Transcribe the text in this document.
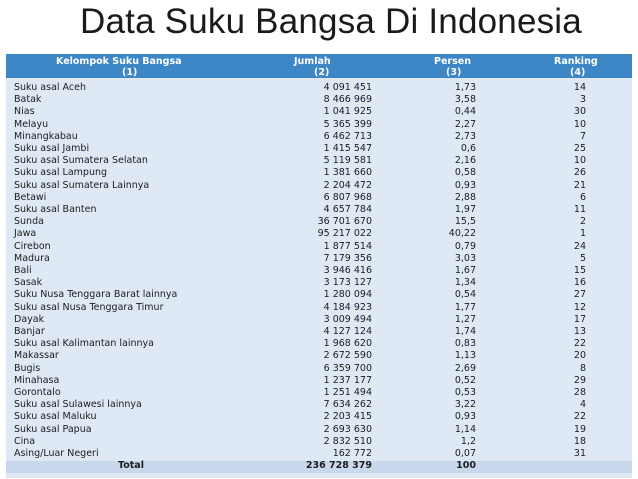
Data Suku Bangsa Di Indonesia
Kelompok Suku Bangsa	Jumlah	Persen	Ranking
(1)	(2)	(3)	(4)
Suku asal Aceh	4 091 451	1,73	14
Batak	8 466 969	3,58	3
Nias	1 041 925	0,44	30
Melayu	5 365 399	2,27	10
Minangkabau	6 462 713	2,73	7
Suku asal Jambi	1 415 547	0,6	25
Suku asal Sumatera Selatan	5 119 581	2,16	10
Suku asal Lampung	1 381 660	0,58	26
Suku asal Sumatera Lainnya	2 204 472	0,93	21
Betawi	6 807 968	2,88	6
Suku asal Banten	4 657 784	1,97	11
Sunda	36 701 670	15,5	2
Jawa	95 217 022	40,22	1
Cirebon	1 877 514	0,79	24
Madura	7 179 356	3,03	5
Bali	3 946 416	1,67	15
Sasak	3 173 127	1,34	16
Suku Nusa Tenggara Barat lainnya	1 280 094	0,54	27
Suku asal Nusa Tenggara Timur	4 184 923	1,77	12
Dayak	3 009 494	1,27	17
Banjar	4 127 124	1,74	13
Suku asal Kalimantan lainnya	1 968 620	0,83	22
Makassar	2 672 590	1,13	20
Bugis	6 359 700	2,69	8
Minahasa	1 237 177	0,52	29
Gorontalo	1 251 494	0,53	28
Suku asal Sulawesi lainnya	7 634 262	3,22	4
Suku asal Maluku	2 203 415	0,93	22
Suku asal Papua	2 693 630	1,14	19
Cina	2 832 510	1,2	18
Asing/Luar Negeri	162 772	0,07	31
Total	236 728 379	100
